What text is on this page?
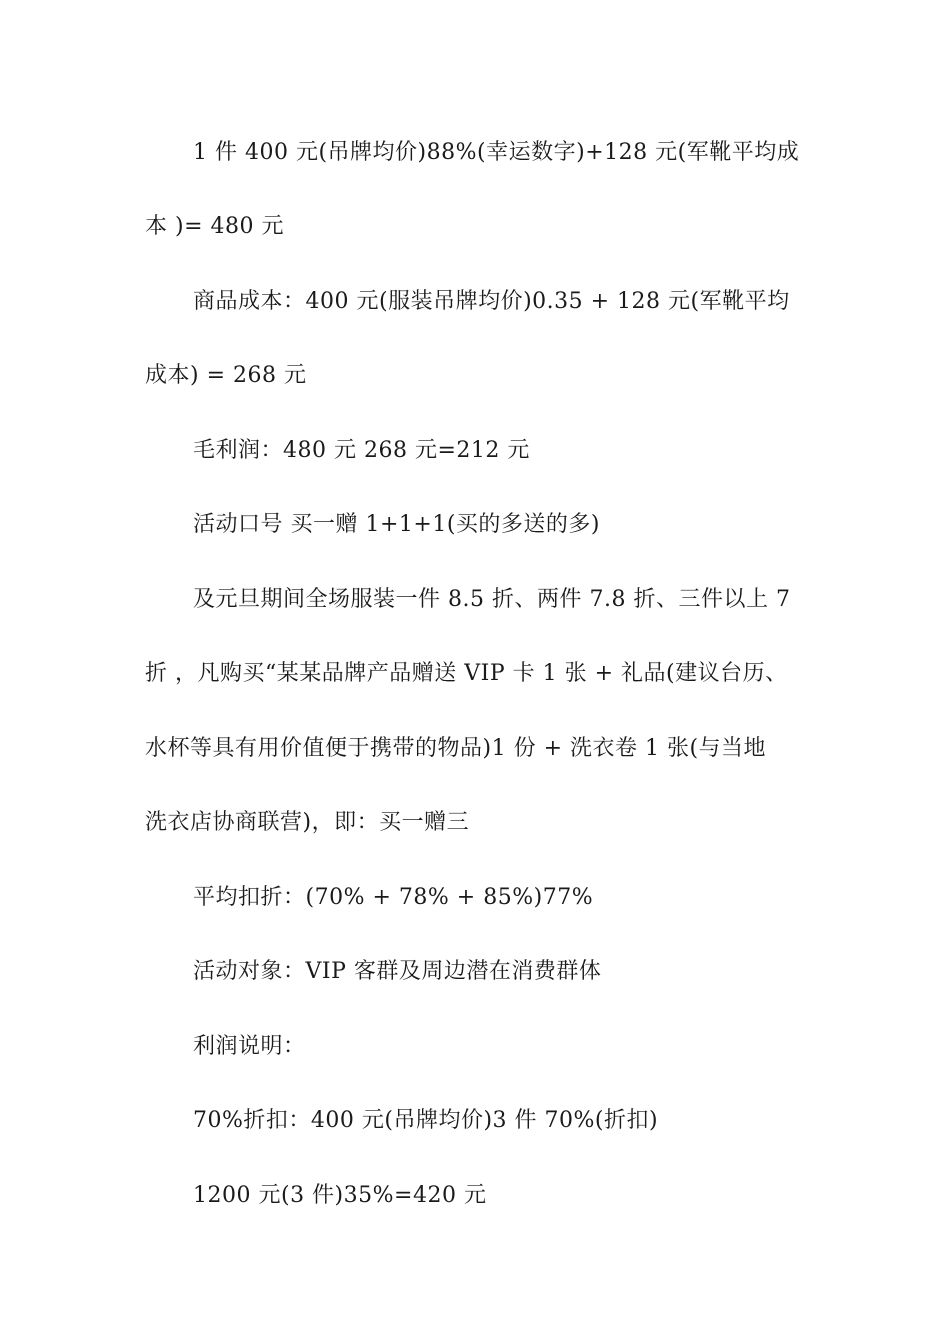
1 件 400 元(吊牌均价)88%(幸运数字)+128 元(军靴平均成
本 )= 480 元
商品成本：400 元(服装吊牌均价)0.35 + 128 元(军靴平均
成本) = 268 元
毛利润：480 元 268 元=212 元
活动口号 买一赠 1+1+1(买的多送的多)
及元旦期间全场服装一件 8.5 折、两件 7.8 折、三件以上 7
折 ，凡购买“某某品牌产品赠送 VIP 卡 1 张 + 礼品(建议台历、
水杯等具有用价值便于携带的物品)1 份 + 洗衣卷 1 张(与当地
洗衣店协商联营)，即：买一赠三
平均扣折：(70% + 78% + 85%)77%
活动对象：VIP 客群及周边潜在消费群体
利润说明：
70%折扣：400 元(吊牌均价)3 件 70%(折扣)
1200 元(3 件)35%=420 元
